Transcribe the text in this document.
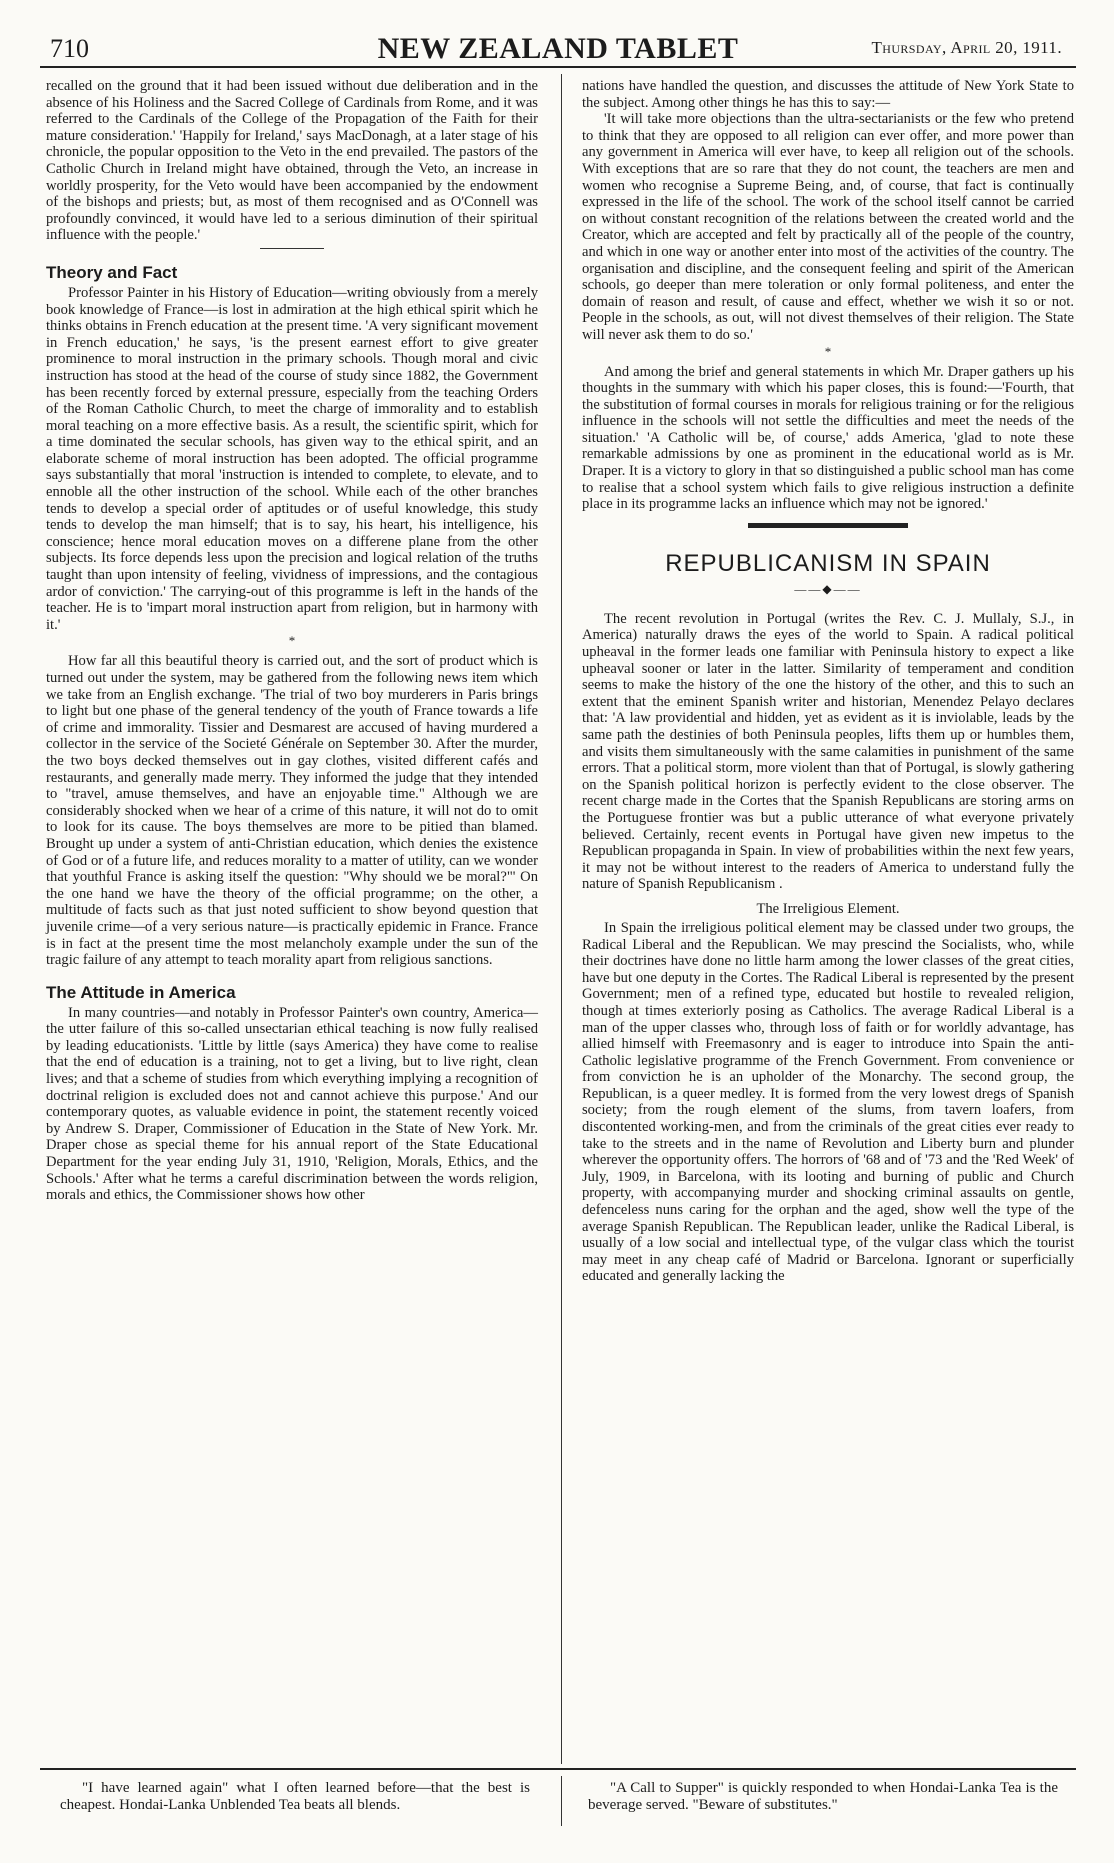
710	NEW ZEALAND TABLET	Thursday, April 20, 1911.

recalled on the ground that it had been issued without due deliberation and in the absence of his Holiness and the Sacred College of Cardinals from Rome, and it was referred to the Cardinals of the College of the Propagation of the Faith for their mature consideration.' 'Happily for Ireland,' says MacDonagh, at a later stage of his chronicle, the popular opposition to the Veto in the end prevailed. The pastors of the Catholic Church in Ireland might have obtained, through the Veto, an increase in worldly prosperity, for the Veto would have been accompanied by the endowment of the bishops and priests; but, as most of them recognised and as O'Connell was profoundly convinced, it would have led to a serious diminution of their spiritual influence with the people.'

Theory and Fact

Professor Painter in his History of Education—writing obviously from a merely book knowledge of France—is lost in admiration at the high ethical spirit which he thinks obtains in French education at the present time. 'A very significant movement in French education,' he says, 'is the present earnest effort to give greater prominence to moral instruction in the primary schools. Though moral and civic instruction has stood at the head of the course of study since 1882, the Government has been recently forced by external pressure, especially from the teaching Orders of the Roman Catholic Church, to meet the charge of immorality and to establish moral teaching on a more effective basis. As a result, the scientific spirit, which for a time dominated the secular schools, has given way to the ethical spirit, and an elaborate scheme of moral instruction has been adopted. The official programme says substantially that moral 'instruction is intended to complete, to elevate, and to ennoble all the other instruction of the school. While each of the other branches tends to develop a special order of aptitudes or of useful knowledge, this study tends to develop the man himself; that is to say, his heart, his intelligence, his conscience; hence moral education moves on a differene plane from the other subjects. Its force depends less upon the precision and logical relation of the truths taught than upon intensity of feeling, vividness of impressions, and the contagious ardor of conviction.' The carrying-out of this programme is left in the hands of the teacher. He is to 'impart moral instruction apart from religion, but in harmony with it.'

*

How far all this beautiful theory is carried out, and the sort of product which is turned out under the system, may be gathered from the following news item which we take from an English exchange. 'The trial of two boy murderers in Paris brings to light but one phase of the general tendency of the youth of France towards a life of crime and immorality. Tissier and Desmarest are accused of having murdered a collector in the service of the Societé Générale on September 30. After the murder, the two boys decked themselves out in gay clothes, visited different cafés and restaurants, and generally made merry. They informed the judge that they intended to "travel, amuse themselves, and have an enjoyable time." Although we are considerably shocked when we hear of a crime of this nature, it will not do to omit to look for its cause. The boys themselves are more to be pitied than blamed. Brought up under a system of anti-Christian education, which denies the existence of God or of a future life, and reduces morality to a matter of utility, can we wonder that youthful France is asking itself the question: "Why should we be moral?"' On the one hand we have the theory of the official programme; on the other, a multitude of facts such as that just noted sufficient to show beyond question that juvenile crime—of a very serious nature—is practically epidemic in France. France is in fact at the present time the most melancholy example under the sun of the tragic failure of any attempt to teach morality apart from religious sanctions.

The Attitude in America

In many countries—and notably in Professor Painter's own country, America—the utter failure of this so-called unsectarian ethical teaching is now fully realised by leading educationists. 'Little by little (says America) they have come to realise that the end of education is a training, not to get a living, but to live right, clean lives; and that a scheme of studies from which everything implying a recognition of doctrinal religion is excluded does not and cannot achieve this purpose.' And our contemporary quotes, as valuable evidence in point, the statement recently voiced by Andrew S. Draper, Commissioner of Education in the State of New York. Mr. Draper chose as special theme for his annual report of the State Educational Department for the year ending July 31, 1910, 'Religion, Morals, Ethics, and the Schools.' After what he terms a careful discrimination between the words religion, morals and ethics, the Commissioner shows how other

nations have handled the question, and discusses the attitude of New York State to the subject. Among other things he has this to say:—

'It will take more objections than the ultra-sectarianists or the few who pretend to think that they are opposed to all religion can ever offer, and more power than any government in America will ever have, to keep all religion out of the schools. With exceptions that are so rare that they do not count, the teachers are men and women who recognise a Supreme Being, and, of course, that fact is continually expressed in the life of the school. The work of the school itself cannot be carried on without constant recognition of the relations between the created world and the Creator, which are accepted and felt by practically all of the people of the country, and which in one way or another enter into most of the activities of the country. The organisation and discipline, and the consequent feeling and spirit of the American schools, go deeper than mere toleration or only formal politeness, and enter the domain of reason and result, of cause and effect, whether we wish it so or not. People in the schools, as out, will not divest themselves of their religion. The State will never ask them to do so.'

*

And among the brief and general statements in which Mr. Draper gathers up his thoughts in the summary with which his paper closes, this is found:—'Fourth, that the substitution of formal courses in morals for religious training or for the religious influence in the schools will not settle the difficulties and meet the needs of the situation.' 'A Catholic will be, of course,' adds America, 'glad to note these remarkable admissions by one as prominent in the educational world as is Mr. Draper. It is a victory to glory in that so distinguished a public school man has come to realise that a school system which fails to give religious instruction a definite place in its programme lacks an influence which may not be ignored.'

REPUBLICANISM IN SPAIN
——◆——

The recent revolution in Portugal (writes the Rev. C. J. Mullaly, S.J., in America) naturally draws the eyes of the world to Spain. A radical political upheaval in the former leads one familiar with Peninsula history to expect a like upheaval sooner or later in the latter. Similarity of temperament and condition seems to make the history of the one the history of the other, and this to such an extent that the eminent Spanish writer and historian, Menendez Pelayo declares that: 'A law providential and hidden, yet as evident as it is inviolable, leads by the same path the destinies of both Peninsula peoples, lifts them up or humbles them, and visits them simultaneously with the same calamities in punishment of the same errors. That a political storm, more violent than that of Portugal, is slowly gathering on the Spanish political horizon is perfectly evident to the close observer. The recent charge made in the Cortes that the Spanish Republicans are storing arms on the Portuguese frontier was but a public utterance of what everyone privately believed. Certainly, recent events in Portugal have given new impetus to the Republican propaganda in Spain. In view of probabilities within the next few years, it may not be without interest to the readers of America to understand fully the nature of Spanish Republicanism .

The Irreligious Element.

In Spain the irreligious political element may be classed under two groups, the Radical Liberal and the Republican. We may prescind the Socialists, who, while their doctrines have done no little harm among the lower classes of the great cities, have but one deputy in the Cortes. The Radical Liberal is represented by the present Government; men of a refined type, educated but hostile to revealed religion, though at times exteriorly posing as Catholics. The average Radical Liberal is a man of the upper classes who, through loss of faith or for worldly advantage, has allied himself with Freemasonry and is eager to introduce into Spain the anti-Catholic legislative programme of the French Government. From convenience or from conviction he is an upholder of the Monarchy. The second group, the Republican, is a queer medley. It is formed from the very lowest dregs of Spanish society; from the rough element of the slums, from tavern loafers, from discontented working-men, and from the criminals of the great cities ever ready to take to the streets and in the name of Revolution and Liberty burn and plunder wherever the opportunity offers. The horrors of '68 and of '73 and the 'Red Week' of July, 1909, in Barcelona, with its looting and burning of public and Church property, with accompanying murder and shocking criminal assaults on gentle, defenceless nuns caring for the orphan and the aged, show well the type of the average Spanish Republican. The Republican leader, unlike the Radical Liberal, is usually of a low social and intellectual type, of the vulgar class which the tourist may meet in any cheap café of Madrid or Barcelona. Ignorant or superficially educated and generally lacking the

"I have learned again" what I often learned before—that the best is cheapest. Hondai-Lanka Unblended Tea beats all blends.

"A Call to Supper" is quickly responded to when Hondai-Lanka Tea is the beverage served. "Beware of substitutes."
